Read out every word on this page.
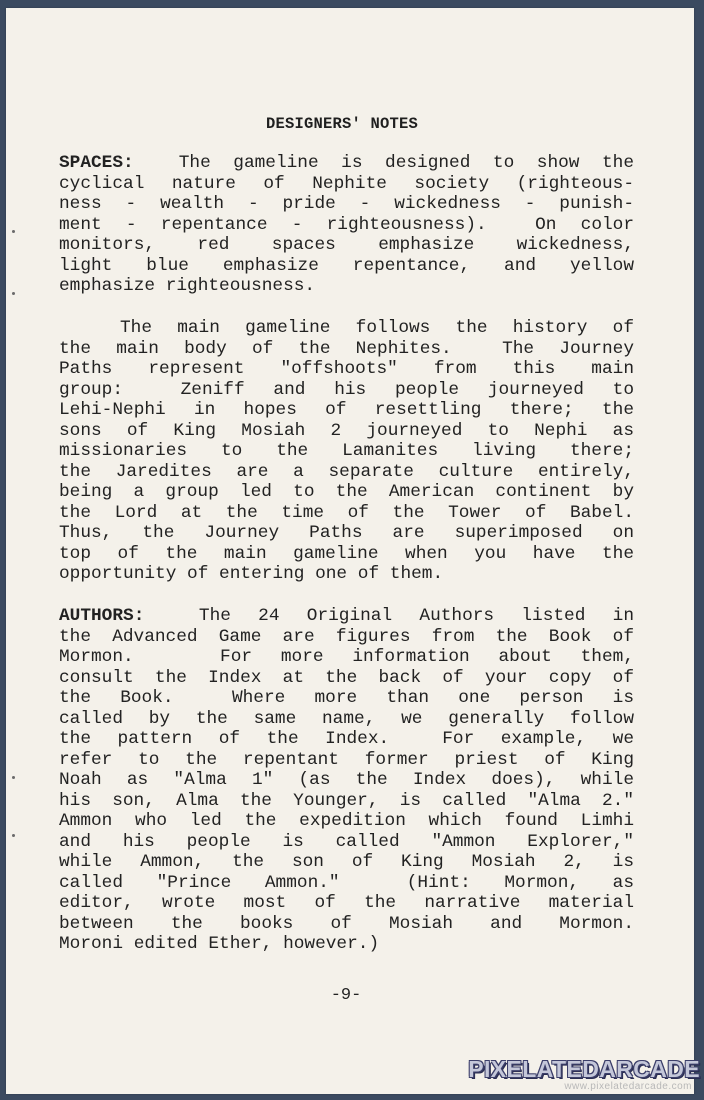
DESIGNERS' NOTES
SPACES:  The gameline is designed to show the
cyclical nature of Nephite society (righteous-
ness - wealth - pride - wickedness - punish-
ment - repentance - righteousness).  On color
monitors, red spaces emphasize wickedness,
light blue emphasize repentance, and yellow
emphasize righteousness.
The main gameline follows the history of
the main body of the Nephites.  The Journey
Paths represent "offshoots" from this main
group:  Zeniff and his people journeyed to
Lehi-Nephi in hopes of resettling there; the
sons of King Mosiah 2 journeyed to Nephi as
missionaries to the Lamanites living there;
the Jaredites are a separate culture entirely,
being a group led to the American continent by
the Lord at the time of the Tower of Babel.
Thus, the Journey Paths are superimposed on
top of the main gameline when you have the
opportunity of entering one of them.
AUTHORS:  The 24 Original Authors listed in
the Advanced Game are figures from the Book of
Mormon.   For more information about them,
consult the Index at the back of your copy of
the Book.  Where more than one person is
called by the same name, we generally follow
the pattern of the Index.  For example, we
refer to the repentant former priest of King
Noah as "Alma 1" (as the Index does), while
his son, Alma the Younger, is called "Alma 2."
Ammon who led the expedition which found Limhi
and his people is called "Ammon Explorer,"
while Ammon, the son of King Mosiah 2, is
called "Prince Ammon."  (Hint: Mormon, as
editor, wrote most of the narrative material
between the books of Mosiah and Mormon.
Moroni edited Ether, however.)
-9-
PIXELATEDARCADE
www.pixelatedarcade.com
